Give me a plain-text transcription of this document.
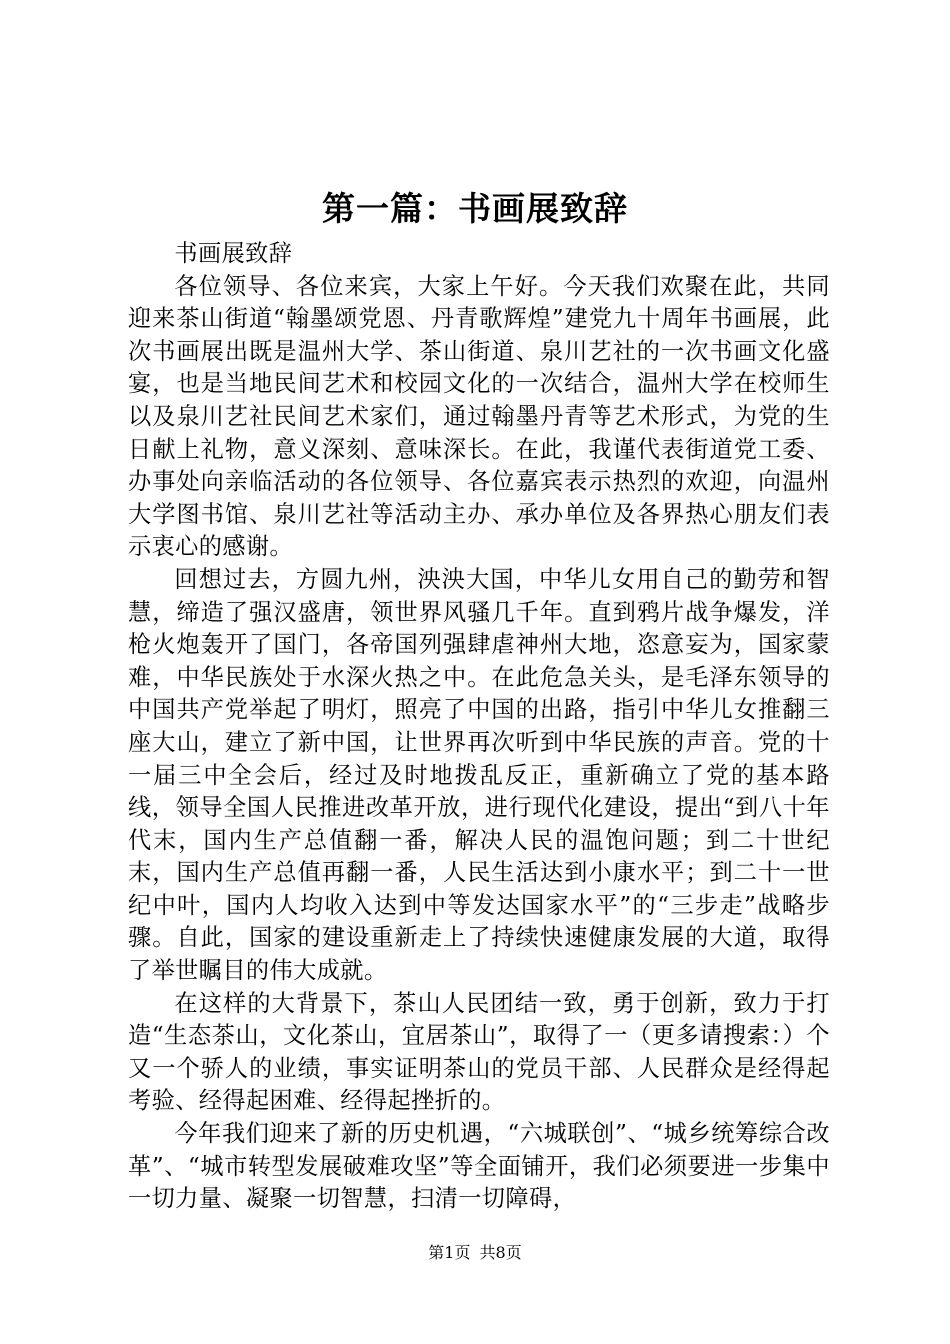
第一篇：书画展致辞

书画展致辞

各位领导、各位来宾，大家上午好。今天我们欢聚在此，共同迎来茶山街道“翰墨颂党恩、丹青歌辉煌”建党九十周年书画展，此次书画展出既是温州大学、茶山街道、泉川艺社的一次书画文化盛宴，也是当地民间艺术和校园文化的一次结合，温州大学在校师生以及泉川艺社民间艺术家们，通过翰墨丹青等艺术形式，为党的生日献上礼物，意义深刻、意味深长。在此，我谨代表街道党工委、办事处向亲临活动的各位领导、各位嘉宾表示热烈的欢迎，向温州大学图书馆、泉川艺社等活动主办、承办单位及各界热心朋友们表示衷心的感谢。

回想过去，方圆九州，泱泱大国，中华儿女用自己的勤劳和智慧，缔造了强汉盛唐，领世界风骚几千年。直到鸦片战争爆发，洋枪火炮轰开了国门，各帝国列强肆虐神州大地，恣意妄为，国家蒙难，中华民族处于水深火热之中。在此危急关头，是毛泽东领导的中国共产党举起了明灯，照亮了中国的出路，指引中华儿女推翻三座大山，建立了新中国，让世界再次听到中华民族的声音。党的十一届三中全会后，经过及时地拨乱反正，重新确立了党的基本路线，领导全国人民推进改革开放，进行现代化建设，提出“到八十年代末，国内生产总值翻一番，解决人民的温饱问题；到二十世纪末，国内生产总值再翻一番，人民生活达到小康水平；到二十一世纪中叶，国内人均收入达到中等发达国家水平”的“三步走”战略步骤。自此，国家的建设重新走上了持续快速健康发展的大道，取得了举世瞩目的伟大成就。

在这样的大背景下，茶山人民团结一致，勇于创新，致力于打造“生态茶山，文化茶山，宜居茶山”，取得了一（更多请搜索：）个又一个骄人的业绩，事实证明茶山的党员干部、人民群众是经得起考验、经得起困难、经得起挫折的。

今年我们迎来了新的历史机遇，“六城联创”、“城乡统筹综合改革”、“城市转型发展破难攻坚”等全面铺开，我们必须要进一步集中一切力量、凝聚一切智慧，扫清一切障碍，

第1页 共8页
